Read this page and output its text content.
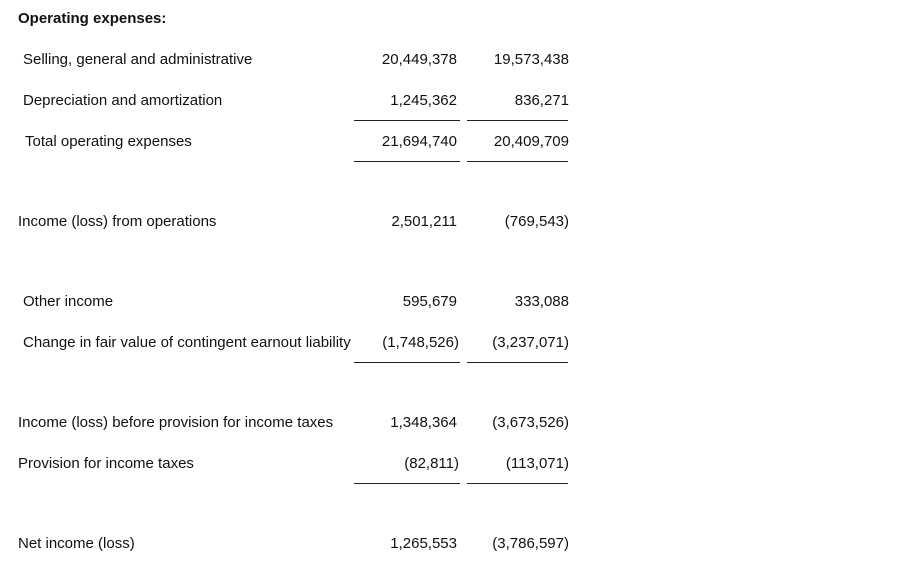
Operating expenses:
Selling, general and administrative	20,449,378	19,573,438
Depreciation and amortization	1,245,362	836,271
Total operating expenses	21,694,740	20,409,709
Income (loss) from operations	2,501,211	(769,543)
Other income	595,679	333,088
Change in fair value of contingent earnout liability	(1,748,526)	(3,237,071)
Income (loss) before provision for income taxes	1,348,364	(3,673,526)
Provision for income taxes	(82,811)	(113,071)
Net income (loss)	1,265,553	(3,786,597)
